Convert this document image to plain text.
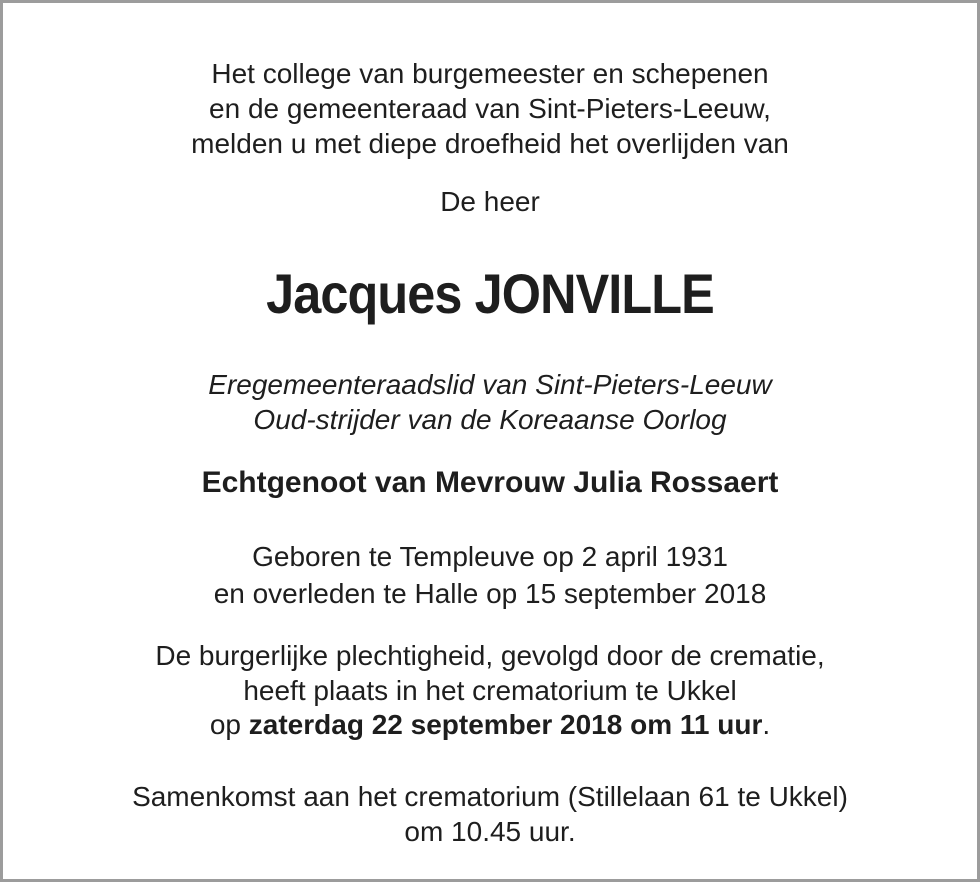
Het college van burgemeester en schepenen
en de gemeenteraad van Sint-Pieters-Leeuw,
melden u met diepe droefheid het overlijden van
De heer
Jacques JONVILLE
Eregemeenteraadslid van Sint-Pieters-Leeuw
Oud-strijder van de Koreaanse Oorlog
Echtgenoot van Mevrouw Julia Rossaert
Geboren te Templeuve op 2 april 1931
en overleden te Halle op 15 september 2018
De burgerlijke plechtigheid, gevolgd door de crematie,
heeft plaats in het crematorium te Ukkel
op zaterdag 22 september 2018 om 11 uur.
Samenkomst aan het crematorium (Stillelaan 61 te Ukkel)
om 10.45 uur.
